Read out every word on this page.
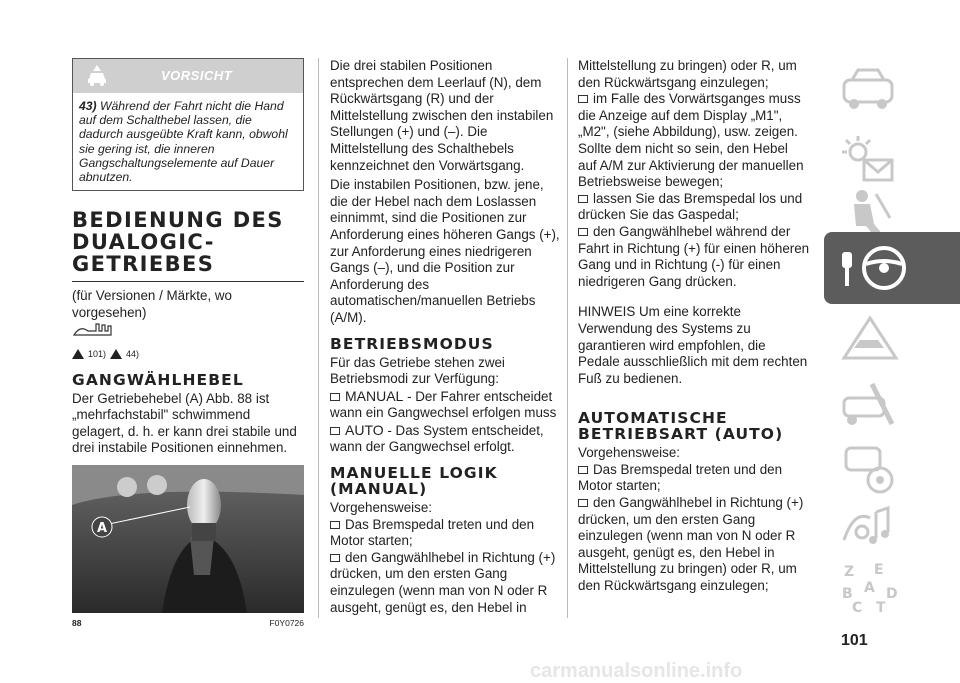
VORSICHT
43) Während der Fahrt nicht die Hand auf dem Schalthebel lassen, die dadurch ausgeübte Kraft kann, obwohl sie gering ist, die inneren Gangschaltungselemente auf Dauer abnutzen.
BEDIENUNG DES DUALOGIC-GETRIEBES

(für Versionen / Märkte, wo vorgesehen)

101) 44)
GANGWÄHLHEBEL

Der Getriebehebel (A) Abb. 88 ist „mehrfachstabil" schwimmend gelagert, d. h. er kann drei stabile und drei instabile Positionen einnehmen.

A
88	F0Y0726

Die drei stabilen Positionen entsprechen dem Leerlauf (N), dem Rückwärtsgang (R) und der Mittelstellung zwischen den instabilen Stellungen (+) und (–). Die Mittelstellung des Schalthebels kennzeichnet den Vorwärtsgang.

Die instabilen Positionen, bzw. jene, die der Hebel nach dem Loslassen einnimmt, sind die Positionen zur Anforderung eines höheren Gangs (+), zur Anforderung eines niedrigeren Gangs (–), und die Position zur Anforderung des automatischen/manuellen Betriebs (A/M).

BETRIEBSMODUS

Für das Getriebe stehen zwei Betriebsmodi zur Verfügung:

MANUAL - Der Fahrer entscheidet wann ein Gangwechsel erfolgen muss

AUTO - Das System entscheidet, wann der Gangwechsel erfolgt.

MANUELLE LOGIK (MANUAL)

Vorgehensweise:

Das Bremspedal treten und den Motor starten;

den Gangwählhebel in Richtung (+) drücken, um den ersten Gang einzulegen (wenn man von N oder R ausgeht, genügt es, den Hebel in

Mittelstellung zu bringen) oder R, um den Rückwärtsgang einzulegen;

im Falle des Vorwärtsganges muss die Anzeige auf dem Display „M1", „M2", (siehe Abbildung), usw. zeigen. Sollte dem nicht so sein, den Hebel auf A/M zur Aktivierung der manuellen Betriebsweise bewegen;

lassen Sie das Bremspedal los und drücken Sie das Gaspedal;

den Gangwählhebel während der Fahrt in Richtung (+) für einen höheren Gang und in Richtung (-) für einen niedrigeren Gang drücken.

HINWEIS Um eine korrekte Verwendung des Systems zu garantieren wird empfohlen, die Pedale ausschließlich mit dem rechten Fuß zu bedienen.

AUTOMATISCHE BETRIEBSART (AUTO)

Vorgehensweise:

Das Bremspedal treten und den Motor starten;

den Gangwählhebel in Richtung (+) drücken, um den ersten Gang einzulegen (wenn man von N oder R ausgeht, genügt es, den Hebel in Mittelstellung zu bringen) oder R, um den Rückwärtsgang einzulegen;

Z E
B A
C T
D
101
carmanualsonline.info
